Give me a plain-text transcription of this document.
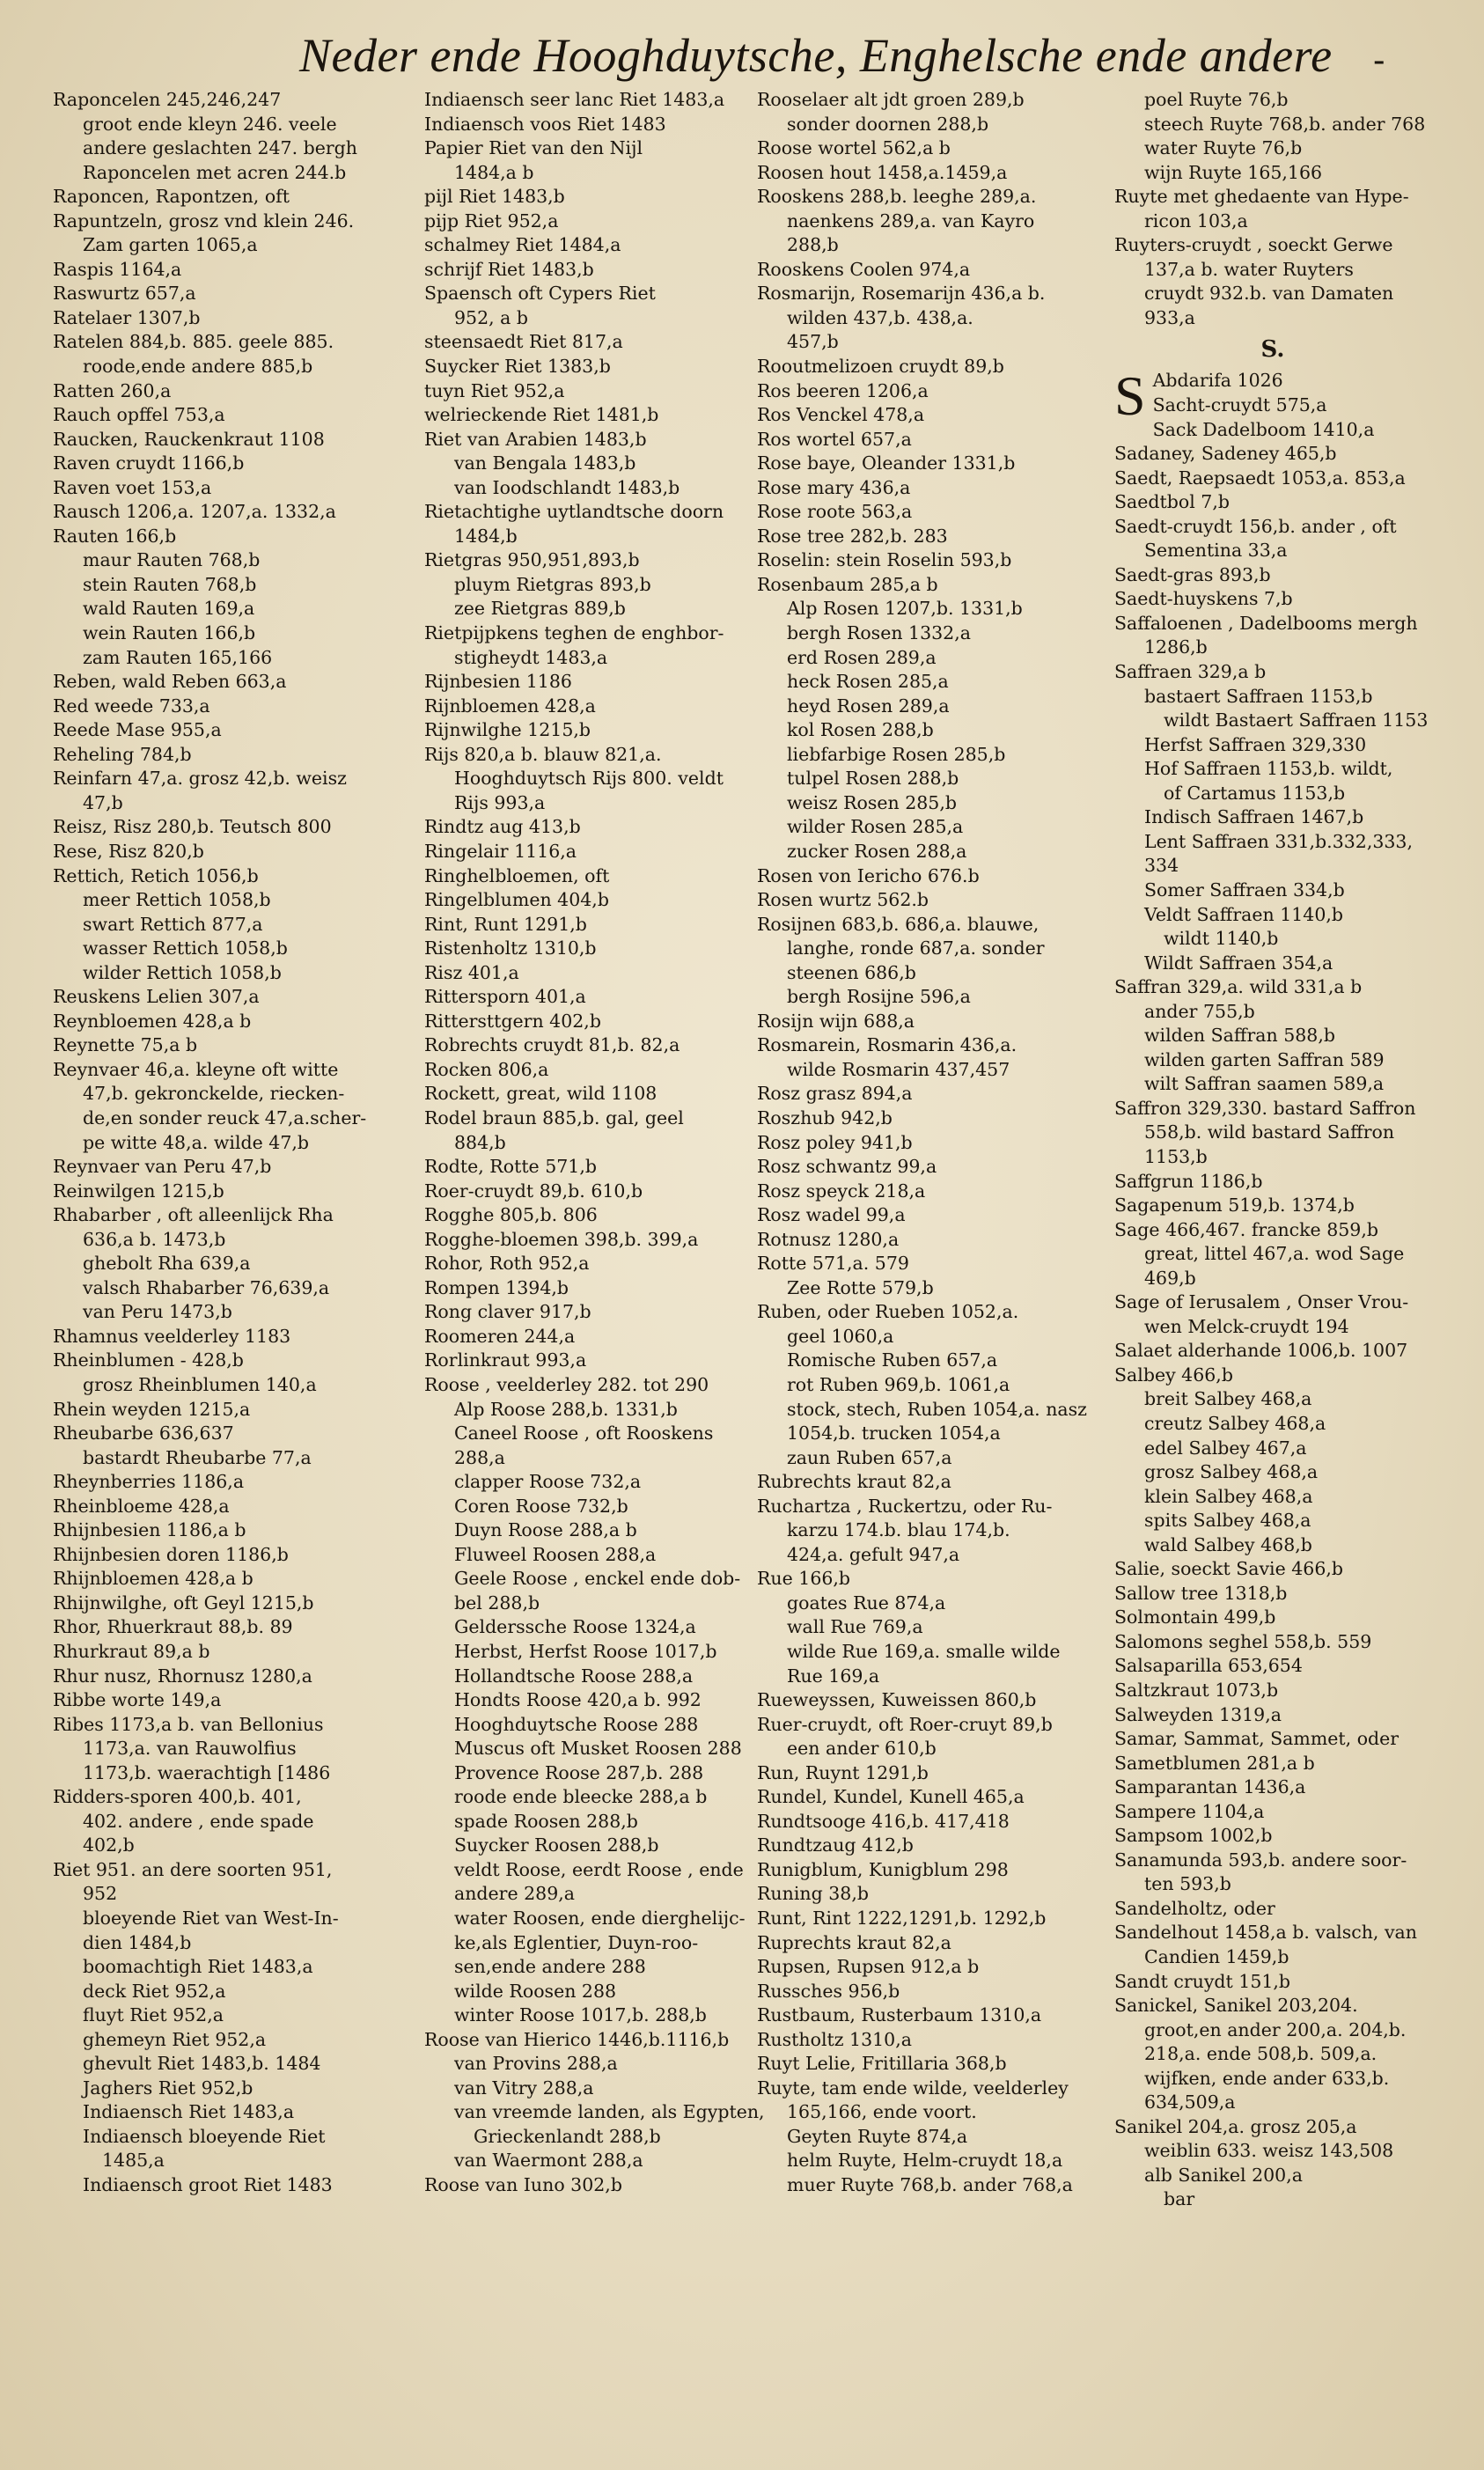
Neder ende Hooghduytsche, Enghelsche ende andere -
Raponcelen 245,246,247
groot ende kleyn 246. veele
andere geslachten 247. bergh
Raponcelen met acren 244.b
Raponcen, Rapontzen, oft
Rapuntzeln, grosz vnd klein 246.
Zam garten 1065,a
Raspis 1164,a
Raswurtz 657,a
Ratelaer 1307,b
Ratelen 884,b. 885. geele 885.
roode,ende andere 885,b
Ratten 260,a
Rauch opffel 753,a
Raucken, Rauckenkraut 1108
Raven cruydt 1166,b
Raven voet 153,a
Rausch 1206,a. 1207,a. 1332,a
Rauten 166,b
maur Rauten 768,b
stein Rauten 768,b
wald Rauten 169,a
wein Rauten 166,b
zam Rauten 165,166
Reben, wald Reben 663,a
Red weede 733,a
Reede Mase 955,a
Reheling 784,b
Reinfarn 47,a. grosz 42,b. weisz
47,b
Reisz, Risz 280,b. Teutsch 800
Rese, Risz 820,b
Rettich, Retich 1056,b
meer Rettich 1058,b
swart Rettich 877,a
wasser Rettich 1058,b
wilder Rettich 1058,b
Reuskens Lelien 307,a
Reynbloemen 428,a b
Reynette 75,a b
Reynvaer 46,a. kleyne oft witte
47,b. gekronckelde, riecken-
de,en sonder reuck 47,a.scher-
pe witte 48,a. wilde 47,b
Reynvaer van Peru 47,b
Reinwilgen 1215,b
Rhabarber , oft alleenlijck Rha
636,a b. 1473,b
ghebolt Rha 639,a
valsch Rhabarber 76,639,a
van Peru 1473,b
Rhamnus veelderley 1183
Rheinblumen - 428,b
grosz Rheinblumen 140,a
Rhein weyden 1215,a
Rheubarbe 636,637
bastardt Rheubarbe 77,a
Rheynberries 1186,a
Rheinbloeme 428,a
Rhijnbesien 1186,a b
Rhijnbesien doren 1186,b
Rhijnbloemen 428,a b
Rhijnwilghe, oft Geyl 1215,b
Rhor, Rhuerkraut 88,b. 89
Rhurkraut 89,a b
Rhur nusz, Rhornusz 1280,a
Ribbe worte 149,a
Ribes 1173,a b. van Bellonius
1173,a. van Rauwolfius
1173,b. waerachtigh [1486
Ridders-sporen 400,b. 401,
402. andere , ende spade
402,b
Riet 951. an dere soorten 951,
952
bloeyende Riet van West-In-
dien 1484,b
boomachtigh Riet 1483,a
deck Riet 952,a
fluyt Riet 952,a
ghemeyn Riet 952,a
ghevult Riet 1483,b. 1484
Jaghers Riet 952,b
Indiaensch Riet 1483,a
Indiaensch bloeyende Riet
1485,a
Indiaensch groot Riet 1483
Indiaensch seer lanc Riet 1483,a
Indiaensch voos Riet 1483
Papier Riet van den Nijl
1484,a b
pijl Riet 1483,b
pijp Riet 952,a
schalmey Riet 1484,a
schrijf Riet 1483,b
Spaensch oft Cypers Riet
952, a b
steensaedt Riet 817,a
Suycker Riet 1383,b
tuyn Riet 952,a
welrieckende Riet 1481,b
Riet van Arabien 1483,b
van Bengala 1483,b
van Ioodschlandt 1483,b
Rietachtighe uytlandtsche doorn
1484,b
Rietgras 950,951,893,b
pluym Rietgras 893,b
zee Rietgras 889,b
Rietpijpkens teghen de enghbor-
stigheydt 1483,a
Rijnbesien 1186
Rijnbloemen 428,a
Rijnwilghe 1215,b
Rijs 820,a b. blauw 821,a.
Hooghduytsch Rijs 800. veldt
Rijs 993,a
Rindtz aug 413,b
Ringelair 1116,a
Ringhelbloemen, oft
Ringelblumen 404,b
Rint, Runt 1291,b
Ristenholtz 1310,b
Risz 401,a
Rittersporn 401,a
Rittersttgern 402,b
Robrechts cruydt 81,b. 82,a
Rocken 806,a
Rockett, great, wild 1108
Rodel braun 885,b. gal, geel
884,b
Rodte, Rotte 571,b
Roer-cruydt 89,b. 610,b
Rogghe 805,b. 806
Rogghe-bloemen 398,b. 399,a
Rohor, Roth 952,a
Rompen 1394,b
Rong claver 917,b
Roomeren 244,a
Rorlinkraut 993,a
Roose , veelderley 282. tot 290
Alp Roose 288,b. 1331,b
Caneel Roose , oft Rooskens
288,a
clapper Roose 732,a
Coren Roose 732,b
Duyn Roose 288,a b
Fluweel Roosen 288,a
Geele Roose , enckel ende dob-
bel 288,b
Gelderssche Roose 1324,a
Herbst, Herfst Roose 1017,b
Hollandtsche Roose 288,a
Hondts Roose 420,a b. 992
Hooghduytsche Roose 288
Muscus oft Musket Roosen 288
Provence Roose 287,b. 288
roode ende bleecke 288,a b
spade Roosen 288,b
Suycker Roosen 288,b
veldt Roose, eerdt Roose , ende
andere 289,a
water Roosen, ende dierghelijc-
ke,als Eglentier, Duyn-roo-
sen,ende andere 288
wilde Roosen 288
winter Roose 1017,b. 288,b
Roose van Hierico 1446,b.1116,b
van Provins 288,a
van Vitry 288,a
van vreemde landen, als Egypten,
Grieckenlandt 288,b
van Waermont 288,a
Roose van Iuno 302,b
Rooselaer alt jdt groen 289,b
sonder doornen 288,b
Roose wortel 562,a b
Roosen hout 1458,a.1459,a
Rooskens 288,b. leeghe 289,a.
naenkens 289,a. van Kayro
288,b
Rooskens Coolen 974,a
Rosmarijn, Rosemarijn 436,a b.
wilden 437,b. 438,a.
457,b
Rooutmelizoen cruydt 89,b
Ros beeren 1206,a
Ros Venckel 478,a
Ros wortel 657,a
Rose baye, Oleander 1331,b
Rose mary 436,a
Rose roote 563,a
Rose tree 282,b. 283
Roselin: stein Roselin 593,b
Rosenbaum 285,a b
Alp Rosen 1207,b. 1331,b
bergh Rosen 1332,a
erd Rosen 289,a
heck Rosen 285,a
heyd Rosen 289,a
kol Rosen 288,b
liebfarbige Rosen 285,b
tulpel Rosen 288,b
weisz Rosen 285,b
wilder Rosen 285,a
zucker Rosen 288,a
Rosen von Iericho 676.b
Rosen wurtz 562.b
Rosijnen 683,b. 686,a. blauwe,
langhe, ronde 687,a. sonder
steenen 686,b
bergh Rosijne 596,a
Rosijn wijn 688,a
Rosmarein, Rosmarin 436,a.
wilde Rosmarin 437,457
Rosz grasz 894,a
Roszhub 942,b
Rosz poley 941,b
Rosz schwantz 99,a
Rosz speyck 218,a
Rosz wadel 99,a
Rotnusz 1280,a
Rotte 571,a. 579
Zee Rotte 579,b
Ruben, oder Rueben 1052,a.
geel 1060,a
Romische Ruben 657,a
rot Ruben 969,b. 1061,a
stock, stech, Ruben 1054,a. nasz
1054,b. trucken 1054,a
zaun Ruben 657,a
Rubrechts kraut 82,a
Ruchartza , Ruckertzu, oder Ru-
karzu 174.b. blau 174,b.
424,a. gefult 947,a
Rue 166,b
goates Rue 874,a
wall Rue 769,a
wilde Rue 169,a. smalle wilde
Rue 169,a
Rueweyssen, Kuweissen 860,b
Ruer-cruydt, oft Roer-cruyt 89,b
een ander 610,b
Run, Ruynt 1291,b
Rundel, Kundel, Kunell 465,a
Rundtsooge 416,b. 417,418
Rundtzaug 412,b
Runigblum, Kunigblum 298
Runing 38,b
Runt, Rint 1222,1291,b. 1292,b
Ruprechts kraut 82,a
Rupsen, Rupsen 912,a b
Russches 956,b
Rustbaum, Rusterbaum 1310,a
Rustholtz 1310,a
Ruyt Lelie, Fritillaria 368,b
Ruyte, tam ende wilde, veelderley
165,166, ende voort.
Geyten Ruyte 874,a
helm Ruyte, Helm-cruydt 18,a
muer Ruyte 768,b. ander 768,a
poel Ruyte 76,b
steech Ruyte 768,b. ander 768
water Ruyte 76,b
wijn Ruyte 165,166
Ruyte met ghedaente van Hype-
ricon 103,a
Ruyters-cruydt , soeckt Gerwe
137,a b. water Ruyters
cruydt 932.b. van Damaten
933,a
S.
S Abdarifa 1026
Sacht-cruydt 575,a
Sack Dadelboom 1410,a
Sadaney, Sadeney 465,b
Saedt, Raepsaedt 1053,a. 853,a
Saedtbol 7,b
Saedt-cruydt 156,b. ander , oft
Sementina 33,a
Saedt-gras 893,b
Saedt-huyskens 7,b
Saffaloenen , Dadelbooms mergh
1286,b
Saffraen 329,a b
bastaert Saffraen 1153,b
wildt Bastaert Saffraen 1153
Herfst Saffraen 329,330
Hof Saffraen 1153,b. wildt,
of Cartamus 1153,b
Indisch Saffraen 1467,b
Lent Saffraen 331,b.332,333,
334
Somer Saffraen 334,b
Veldt Saffraen 1140,b
wildt 1140,b
Wildt Saffraen 354,a
Saffran 329,a. wild 331,a b
ander 755,b
wilden Saffran 588,b
wilden garten Saffran 589
wilt Saffran saamen 589,a
Saffron 329,330. bastard Saffron
558,b. wild bastard Saffron
1153,b
Saffgrun 1186,b
Sagapenum 519,b. 1374,b
Sage 466,467. francke 859,b
great, littel 467,a. wod Sage
469,b
Sage of Ierusalem , Onser Vrou-
wen Melck-cruydt 194
Salaet alderhande 1006,b. 1007
Salbey 466,b
breit Salbey 468,a
creutz Salbey 468,a
edel Salbey 467,a
grosz Salbey 468,a
klein Salbey 468,a
spits Salbey 468,a
wald Salbey 468,b
Salie, soeckt Savie 466,b
Sallow tree 1318,b
Solmontain 499,b
Salomons seghel 558,b. 559
Salsaparilla 653,654
Saltzkraut 1073,b
Salweyden 1319,a
Samar, Sammat, Sammet, oder
Sametblumen 281,a b
Samparantan 1436,a
Sampere 1104,a
Sampsom 1002,b
Sanamunda 593,b. andere soor-
ten 593,b
Sandelholtz, oder
Sandelhout 1458,a b. valsch, van
Candien 1459,b
Sandt cruydt 151,b
Sanickel, Sanikel 203,204.
groot,en ander 200,a. 204,b.
218,a. ende 508,b. 509,a.
wijfken, ende ander 633,b.
634,509,a
Sanikel 204,a. grosz 205,a
weiblin 633. weisz 143,508
alb Sanikel 200,a
bar
